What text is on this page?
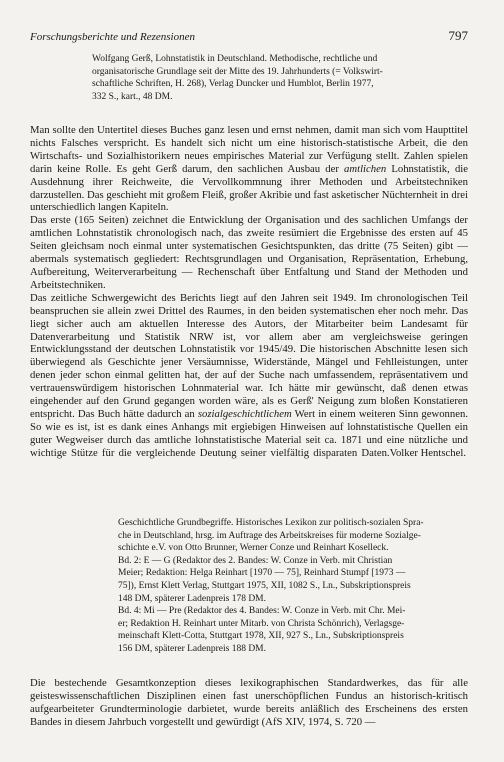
Forschungsberichte und Rezensionen	797

Wolfgang Gerß, Lohnstatistik in Deutschland. Methodische, rechtliche und

organisatorische Grundlage seit der Mitte des 19. Jahrhunderts (= Volkswirt-

schaftliche Schriften, H. 268), Verlag Duncker und Humblot, Berlin 1977,

332 S., kart., 48 DM.

Man sollte den Untertitel dieses Buches ganz lesen und ernst nehmen, damit man sich vom Haupttitel nichts Falsches verspricht. Es handelt sich nicht um eine historisch-statistische Arbeit, die den Wirtschafts- und Sozialhistorikern neues empirisches Material zur Verfügung stellt. Zahlen spielen darin keine Rolle. Es geht Gerß darum, den sachlichen Ausbau der amtlichen Lohnstatistik, die Ausdehnung ihrer Reichweite, die Vervollkommnung ihrer Methoden und Arbeitstechniken darzustellen. Das geschieht mit großem Fleiß, großer Akribie und fast asketischer Nüchternheit in drei unterschiedlich langen Kapiteln.

Das erste (165 Seiten) zeichnet die Entwicklung der Organisation und des sachlichen Umfangs der amtlichen Lohnstatistik chronologisch nach, das zweite resümiert die Ergebnisse des ersten auf 45 Seiten gleichsam noch einmal unter systematischen Gesichtspunkten, das dritte (75 Seiten) gibt — abermals systematisch gegliedert: Rechtsgrundlagen und Organisation, Repräsentation, Erhebung, Aufbereitung, Weiterverarbeitung — Rechenschaft über Entfaltung und Stand der Methoden und Arbeitstechniken.

Das zeitliche Schwergewicht des Berichts liegt auf den Jahren seit 1949. Im chronologischen Teil beanspruchen sie allein zwei Drittel des Raumes, in den beiden systematischen eher noch mehr. Das liegt sicher auch am aktuellen Interesse des Autors, der Mitarbeiter beim Landesamt für Datenverarbeitung und Statistik NRW ist, vor allem aber am vergleichsweise geringen Entwicklungsstand der deutschen Lohnstatistik vor 1945/49. Die historischen Abschnitte lesen sich überwiegend als Geschichte jener Versäumnisse, Widerstände, Mängel und Fehlleistungen, unter denen jeder schon einmal gelitten hat, der auf der Suche nach umfassendem, repräsentativem und vertrauenswürdigem historischen Lohnmaterial war. Ich hätte mir gewünscht, daß denen etwas eingehender auf den Grund gegangen worden wäre, als es Gerß' Neigung zum bloßen Konstatieren entspricht. Das Buch hätte dadurch an sozialgeschichtlichem Wert in einem weiteren Sinn gewonnen. So wie es ist, ist es dank eines Anhangs mit ergiebigen Hinweisen auf lohnstatistische Quellen ein guter Wegweiser durch das amtliche lohnstatistische Material seit ca. 1871 und eine nützliche und wichtige Stütze für die vergleichende Deutung seiner vielfältig disparaten Daten. Volker Hentschel.

Geschichtliche Grundbegriffe. Historisches Lexikon zur politisch-sozialen Spra-

che in Deutschland, hrsg. im Auftrage des Arbeitskreises für moderne Sozialge-

schichte e.V. von Otto Brunner, Werner Conze und Reinhart Koselleck.

Bd. 2: E — G (Redaktor des 2. Bandes: W. Conze in Verb. mit Christian

Meier; Redaktion: Helga Reinhart [1970 — 75], Reinhard Stumpf [1973 —

75]), Ernst Klett Verlag, Stuttgart 1975, XII, 1082 S., Ln., Subskriptionspreis

148 DM, späterer Ladenpreis 178 DM.

Bd. 4: Mi — Pre (Redaktor des 4. Bandes: W. Conze in Verb. mit Chr. Mei-

er; Redaktion H. Reinhart unter Mitarb. von Christa Schönrich), Verlagsge-

meinschaft Klett-Cotta, Stuttgart 1978, XII, 927 S., Ln., Subskriptionspreis

156 DM, späterer Ladenpreis 188 DM.

Die bestechende Gesamtkonzeption dieses lexikographischen Standardwerkes, das für alle geisteswissenschaftlichen Disziplinen einen fast unerschöpflichen Fundus an historisch-kritisch aufgearbeiteter Grundterminologie darbietet, wurde bereits anläßlich des Erscheinens des ersten Bandes in diesem Jahrbuch vorgestellt und gewürdigt (AfS XIV, 1974, S. 720 —
